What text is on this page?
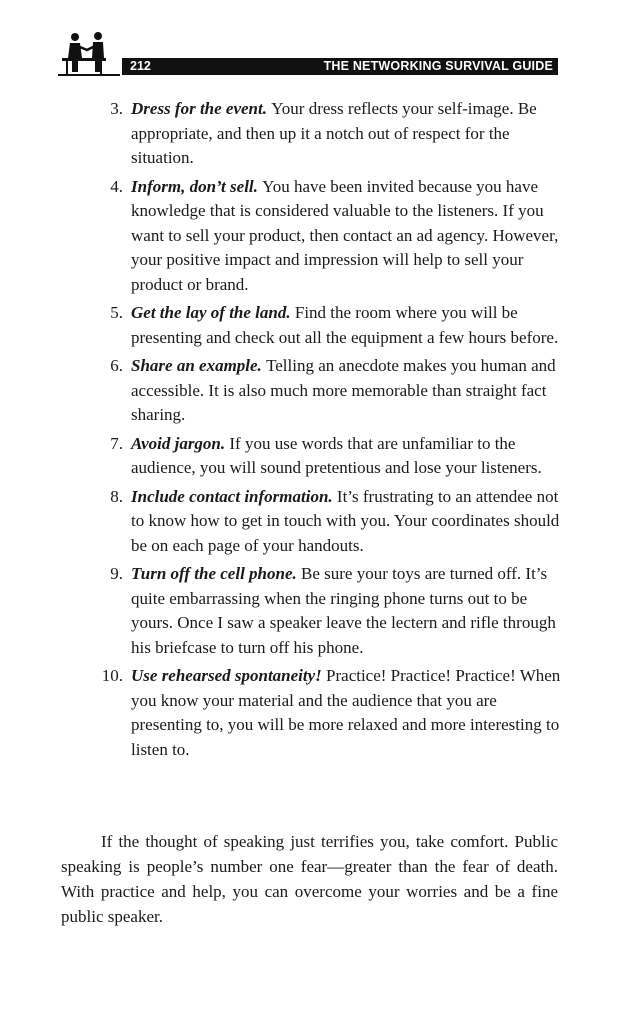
212	THE NETWORKING SURVIVAL GUIDE
3. Dress for the event. Your dress reflects your self-image. Be appropriate, and then up it a notch out of respect for the situation.
4. Inform, don’t sell. You have been invited because you have knowledge that is considered valuable to the listeners. If you want to sell your product, then contact an ad agency. However, your positive impact and impression will help to sell your product or brand.
5. Get the lay of the land. Find the room where you will be presenting and check out all the equipment a few hours before.
6. Share an example. Telling an anecdote makes you human and accessible. It is also much more memorable than straight fact sharing.
7. Avoid jargon. If you use words that are unfamiliar to the audience, you will sound pretentious and lose your listeners.
8. Include contact information. It’s frustrating to an attendee not to know how to get in touch with you. Your coordinates should be on each page of your handouts.
9. Turn off the cell phone. Be sure your toys are turned off. It’s quite embarrassing when the ringing phone turns out to be yours. Once I saw a speaker leave the lectern and rifle through his briefcase to turn off his phone.
10. Use rehearsed spontaneity! Practice! Practice! Practice! When you know your material and the audience that you are presenting to, you will be more relaxed and more interesting to listen to.

If the thought of speaking just terrifies you, take comfort. Public speaking is people’s number one fear—greater than the fear of death. With practice and help, you can overcome your worries and be a fine public speaker.
